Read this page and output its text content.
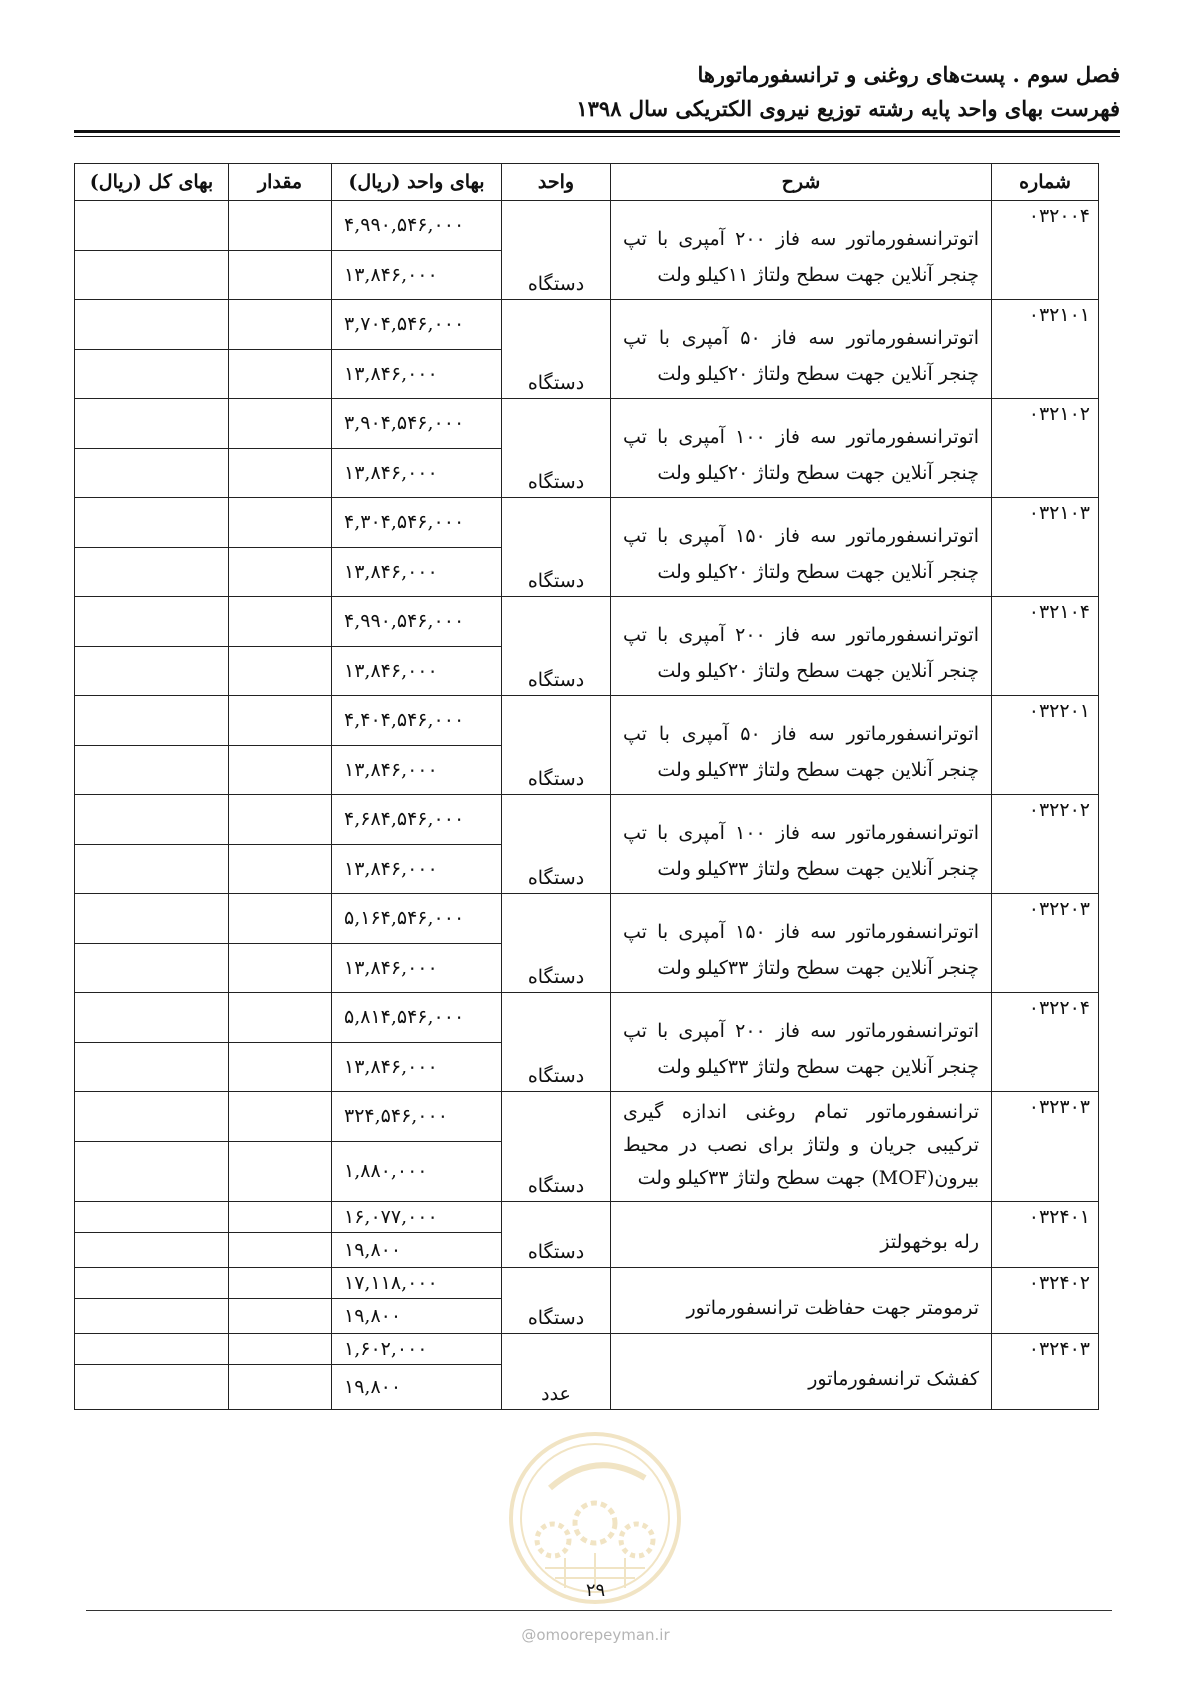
فصل سوم . پست‌های روغنی و ترانسفورماتورها
فهرست بهای واحد پایه رشته توزیع نیروی الکتریکی سال ۱۳۹۸
بهای کل (ریال)	مقدار	بهای واحد (ریال)	واحد	شرح	شماره
		۴,۹۹۰,۵۴۶,۰۰۰	دستگاه	اتوترانسفورماتور سه فاز ۲۰۰ آمپری با تپ چنجر آنلاین جهت سطح ولتاژ ۱۱کیلو ولت	۰۳۲۰۰۴
		۱۳,۸۴۶,۰۰۰			
		۳,۷۰۴,۵۴۶,۰۰۰	دستگاه	اتوترانسفورماتور سه فاز ۵۰ آمپری با تپ چنجر آنلاین جهت سطح ولتاژ ۲۰کیلو ولت	۰۳۲۱۰۱
		۱۳,۸۴۶,۰۰۰			
		۳,۹۰۴,۵۴۶,۰۰۰	دستگاه	اتوترانسفورماتور سه فاز ۱۰۰ آمپری با تپ چنجر آنلاین جهت سطح ولتاژ ۲۰کیلو ولت	۰۳۲۱۰۲
		۱۳,۸۴۶,۰۰۰			
		۴,۳۰۴,۵۴۶,۰۰۰	دستگاه	اتوترانسفورماتور سه فاز ۱۵۰ آمپری با تپ چنجر آنلاین جهت سطح ولتاژ ۲۰کیلو ولت	۰۳۲۱۰۳
		۱۳,۸۴۶,۰۰۰			
		۴,۹۹۰,۵۴۶,۰۰۰	دستگاه	اتوترانسفورماتور سه فاز ۲۰۰ آمپری با تپ چنجر آنلاین جهت سطح ولتاژ ۲۰کیلو ولت	۰۳۲۱۰۴
		۱۳,۸۴۶,۰۰۰			
		۴,۴۰۴,۵۴۶,۰۰۰	دستگاه	اتوترانسفورماتور سه فاز ۵۰ آمپری با تپ چنجر آنلاین جهت سطح ولتاژ ۳۳کیلو ولت	۰۳۲۲۰۱
		۱۳,۸۴۶,۰۰۰			
		۴,۶۸۴,۵۴۶,۰۰۰	دستگاه	اتوترانسفورماتور سه فاز ۱۰۰ آمپری با تپ چنجر آنلاین جهت سطح ولتاژ ۳۳کیلو ولت	۰۳۲۲۰۲
		۱۳,۸۴۶,۰۰۰			
		۵,۱۶۴,۵۴۶,۰۰۰	دستگاه	اتوترانسفورماتور سه فاز ۱۵۰ آمپری با تپ چنجر آنلاین جهت سطح ولتاژ ۳۳کیلو ولت	۰۳۲۲۰۳
		۱۳,۸۴۶,۰۰۰			
		۵,۸۱۴,۵۴۶,۰۰۰	دستگاه	اتوترانسفورماتور سه فاز ۲۰۰ آمپری با تپ چنجر آنلاین جهت سطح ولتاژ ۳۳کیلو ولت	۰۳۲۲۰۴
		۱۳,۸۴۶,۰۰۰			
		۳۲۴,۵۴۶,۰۰۰	دستگاه	ترانسفورماتور تمام روغنی اندازه گیری ترکیبی جریان و ولتاژ برای نصب در محیط بیرون(MOF) جهت سطح ولتاژ ۳۳کیلو ولت	۰۳۲۳۰۳
		۱,۸۸۰,۰۰۰			
		۱۶,۰۷۷,۰۰۰	دستگاه	رله بوخهولتز	۰۳۲۴۰۱
		۱۹,۸۰۰			
		۱۷,۱۱۸,۰۰۰	دستگاه	ترمومتر جهت حفاظت ترانسفورماتور	۰۳۲۴۰۲
		۱۹,۸۰۰			
		۱,۶۰۲,۰۰۰	عدد	کفشک ترانسفورماتور	۰۳۲۴۰۳
		۱۹,۸۰۰			
۲۹
@omoorepeyman.ir
